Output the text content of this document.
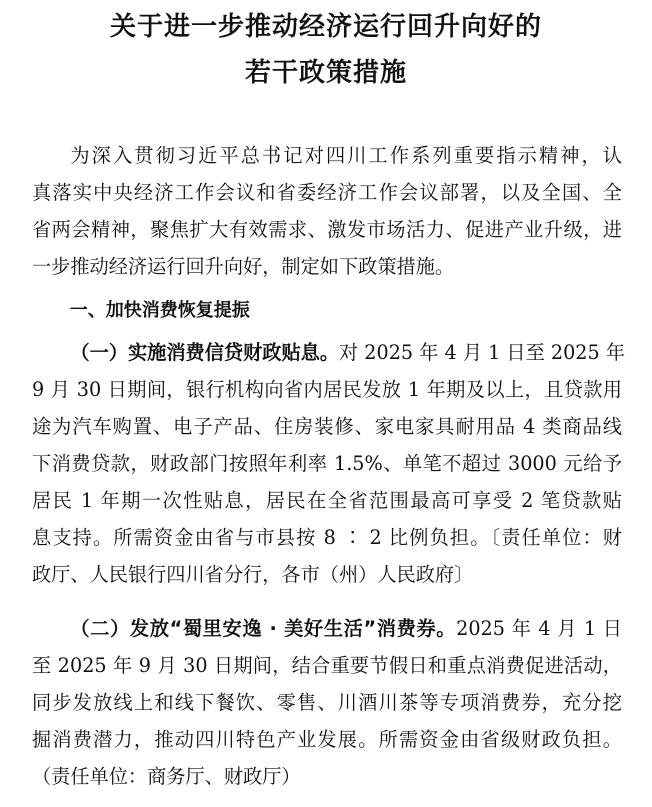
关于进一步推动经济运行回升向好的
若干政策措施
为深入贯彻习近平总书记对四川工作系列重要指示精神，认
真落实中央经济工作会议和省委经济工作会议部署，以及全国、全
省两会精神，聚焦扩大有效需求、激发市场活力、促进产业升级，进
一步推动经济运行回升向好，制定如下政策措施。
一、加快消费恢复提振
（一）实施消费信贷财政贴息。对 2025 年 4 月 1 日至 2025 年
9 月 30 日期间，银行机构向省内居民发放 1 年期及以上，且贷款用
途为汽车购置、电子产品、住房装修、家电家具耐用品 4 类商品线
下消费贷款，财政部门按照年利率 1.5%、单笔不超过 3000 元给予
居民 1 年期一次性贴息，居民在全省范围最高可享受 2 笔贷款贴
息支持。所需资金由省与市县按 8 ∶ 2 比例负担。〔责任单位：财
政厅、人民银行四川省分行，各市（州）人民政府〕
（二）发放“蜀里安逸 · 美好生活”消费券。2025 年 4 月 1 日
至 2025 年 9 月 30 日期间，结合重要节假日和重点消费促进活动，
同步发放线上和线下餐饮、零售、川酒川茶等专项消费券，充分挖
掘消费潜力，推动四川特色产业发展。所需资金由省级财政负担。
（责任单位：商务厅、财政厅）
